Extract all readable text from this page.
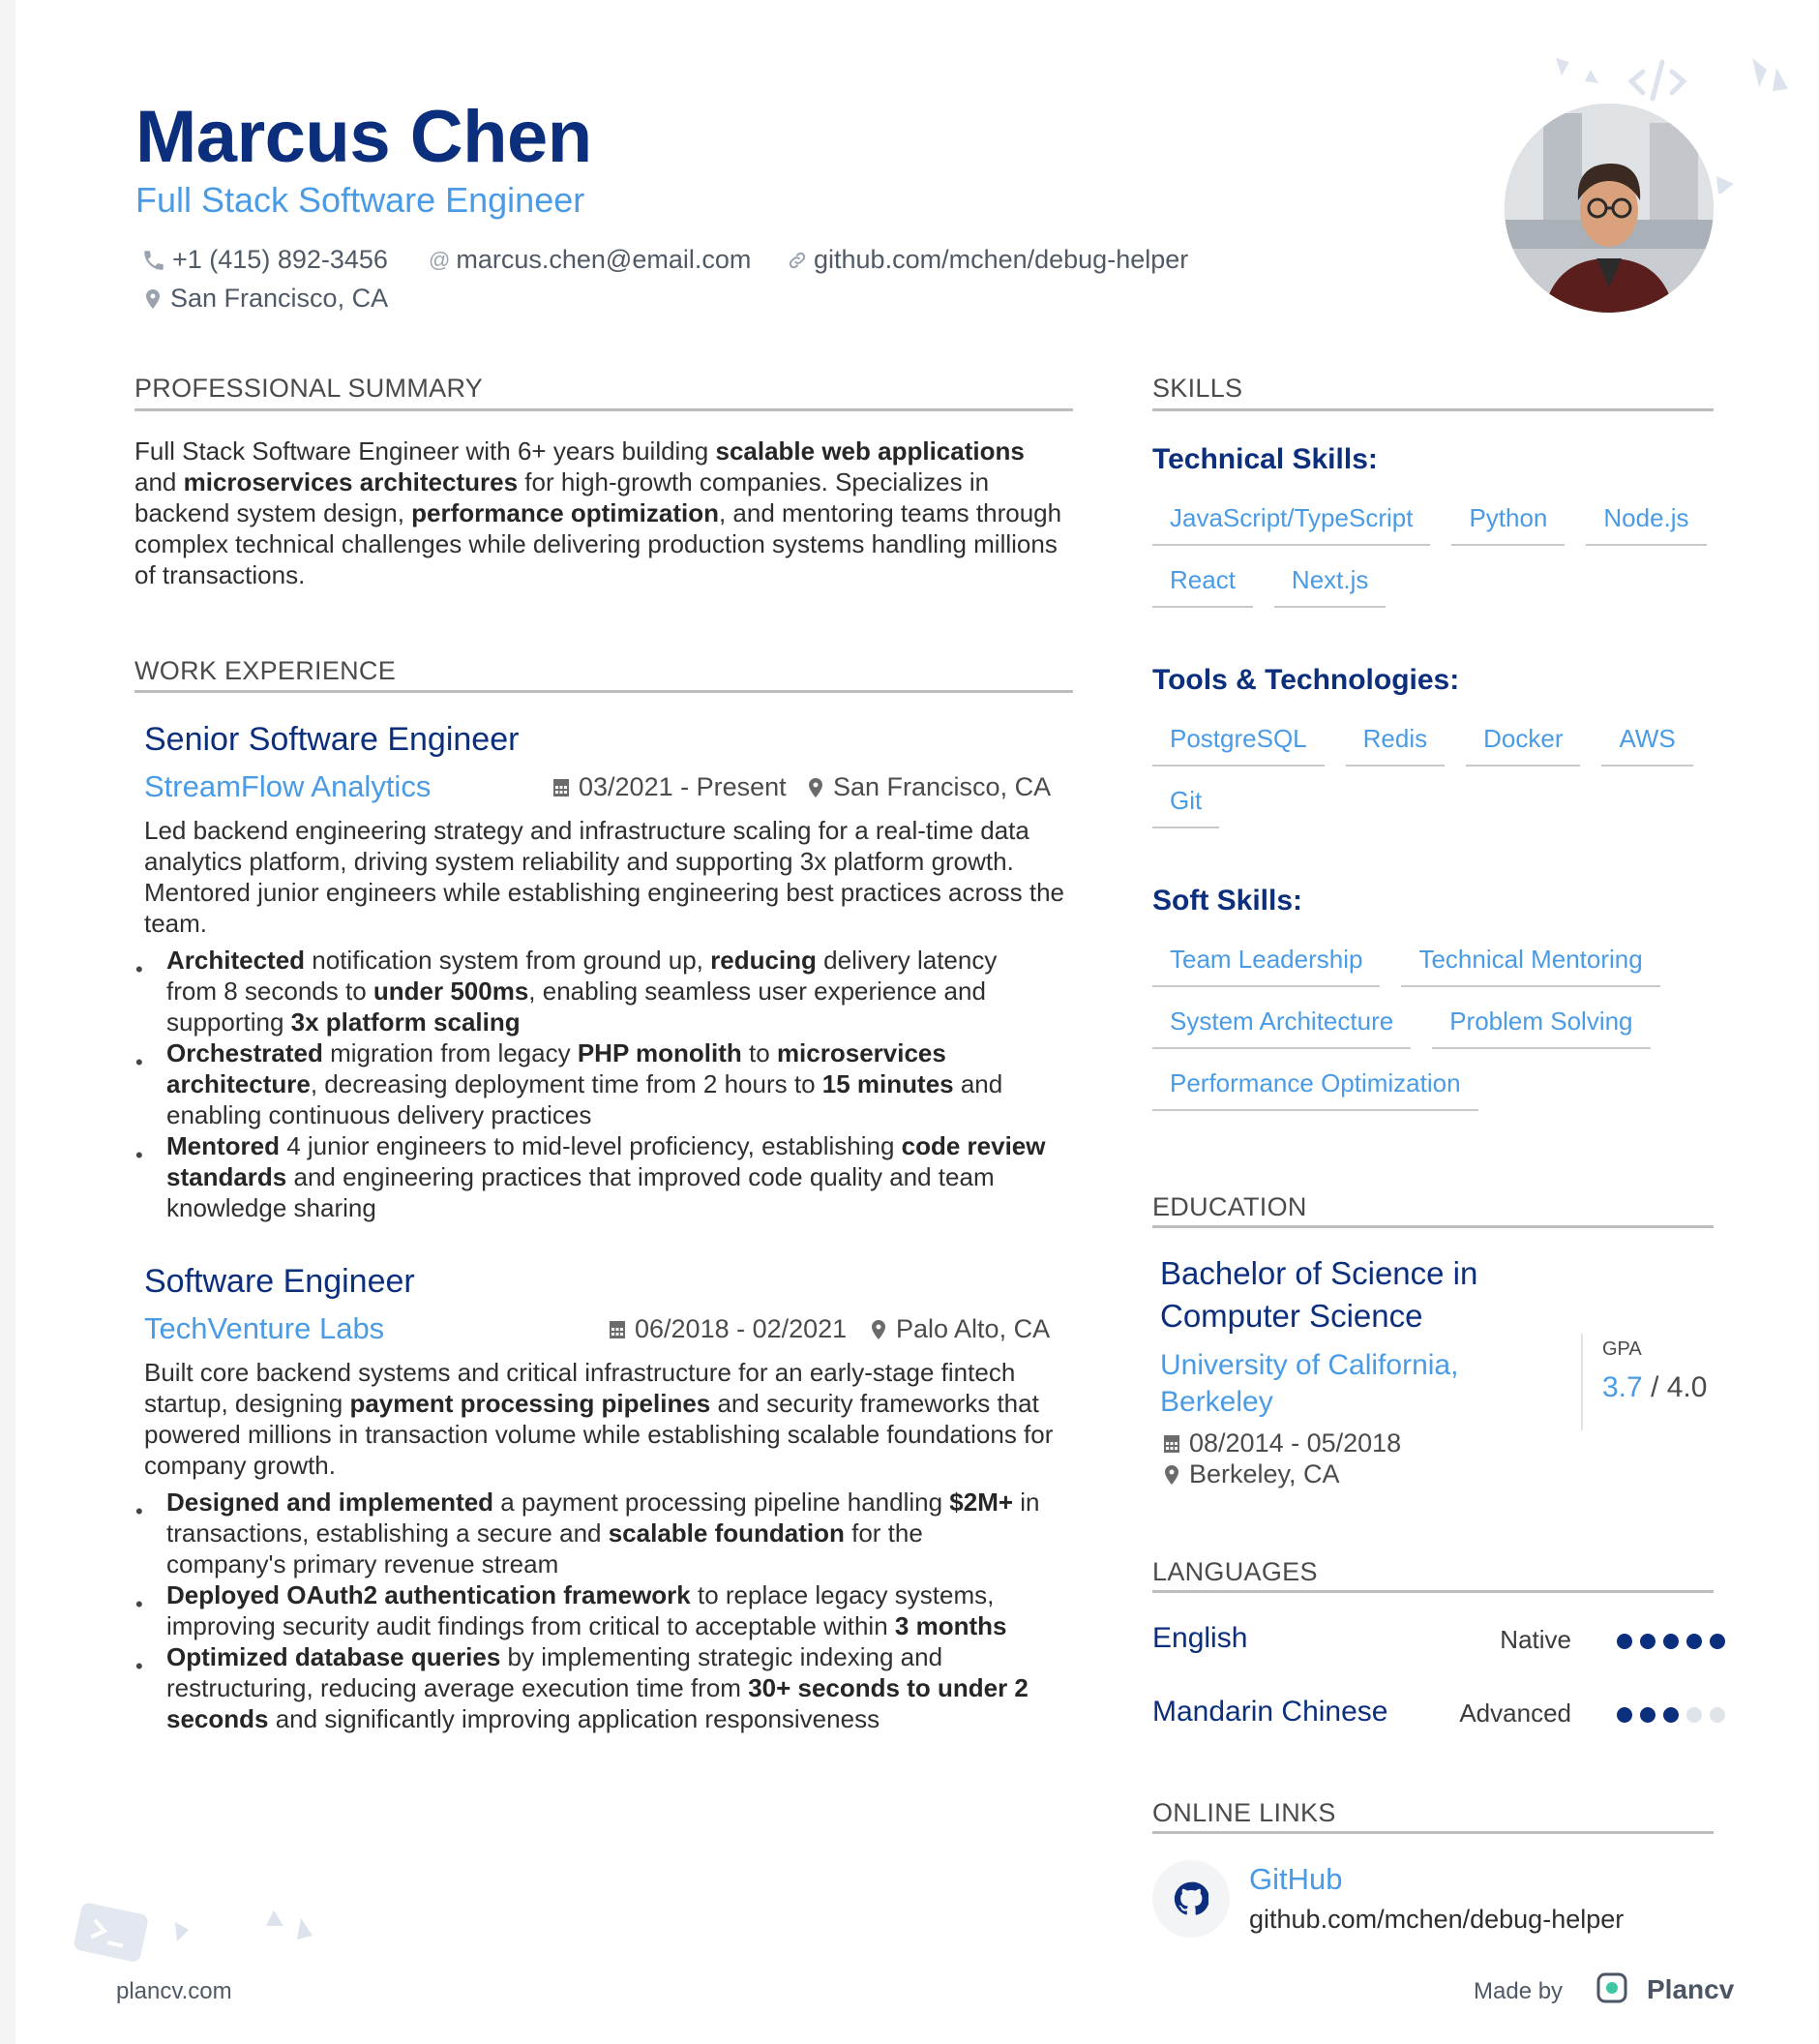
Marcus Chen
Full Stack Software Engineer
+1 (415) 892-3456 @ marcus.chen@email.com github.com/mchen/debug-helper
San Francisco, CA
PROFESSIONAL SUMMARY
Full Stack Software Engineer with 6+ years building scalable web applications and microservices architectures for high-growth companies. Specializes in backend system design, performance optimization, and mentoring teams through complex technical challenges while delivering production systems handling millions of transactions.
WORK EXPERIENCE
Senior Software Engineer
StreamFlow Analytics	03/2021 - Present San Francisco, CA
Led backend engineering strategy and infrastructure scaling for a real-time data analytics platform, driving system reliability and supporting 3x platform growth. Mentored junior engineers while establishing engineering best practices across the team.
• Architected notification system from ground up, reducing delivery latency from 8 seconds to under 500ms, enabling seamless user experience and supporting 3x platform scaling
• Orchestrated migration from legacy PHP monolith to microservices architecture, decreasing deployment time from 2 hours to 15 minutes and enabling continuous delivery practices
• Mentored 4 junior engineers to mid-level proficiency, establishing code review standards and engineering practices that improved code quality and team knowledge sharing
Software Engineer
TechVenture Labs	06/2018 - 02/2021 Palo Alto, CA
Built core backend systems and critical infrastructure for an early-stage fintech startup, designing payment processing pipelines and security frameworks that powered millions in transaction volume while establishing scalable foundations for company growth.
• Designed and implemented a payment processing pipeline handling $2M+ in transactions, establishing a secure and scalable foundation for the company's primary revenue stream
• Deployed OAuth2 authentication framework to replace legacy systems, improving security audit findings from critical to acceptable within 3 months
• Optimized database queries by implementing strategic indexing and restructuring, reducing average execution time from 30+ seconds to under 2 seconds and significantly improving application responsiveness
SKILLS
Technical Skills:
JavaScript/TypeScript	Python	Node.js
React	Next.js
Tools & Technologies:
PostgreSQL	Redis	Docker	AWS
Git
Soft Skills:
Team Leadership	Technical Mentoring
System Architecture	Problem Solving
Performance Optimization
EDUCATION
Bachelor of Science in Computer Science
University of California, Berkeley
08/2014 - 05/2018
Berkeley, CA
GPA
3.7 / 4.0
LANGUAGES
English	Native
Mandarin Chinese	Advanced
ONLINE LINKS
GitHub
github.com/mchen/debug-helper
plancv.com	Made by	Plancv
